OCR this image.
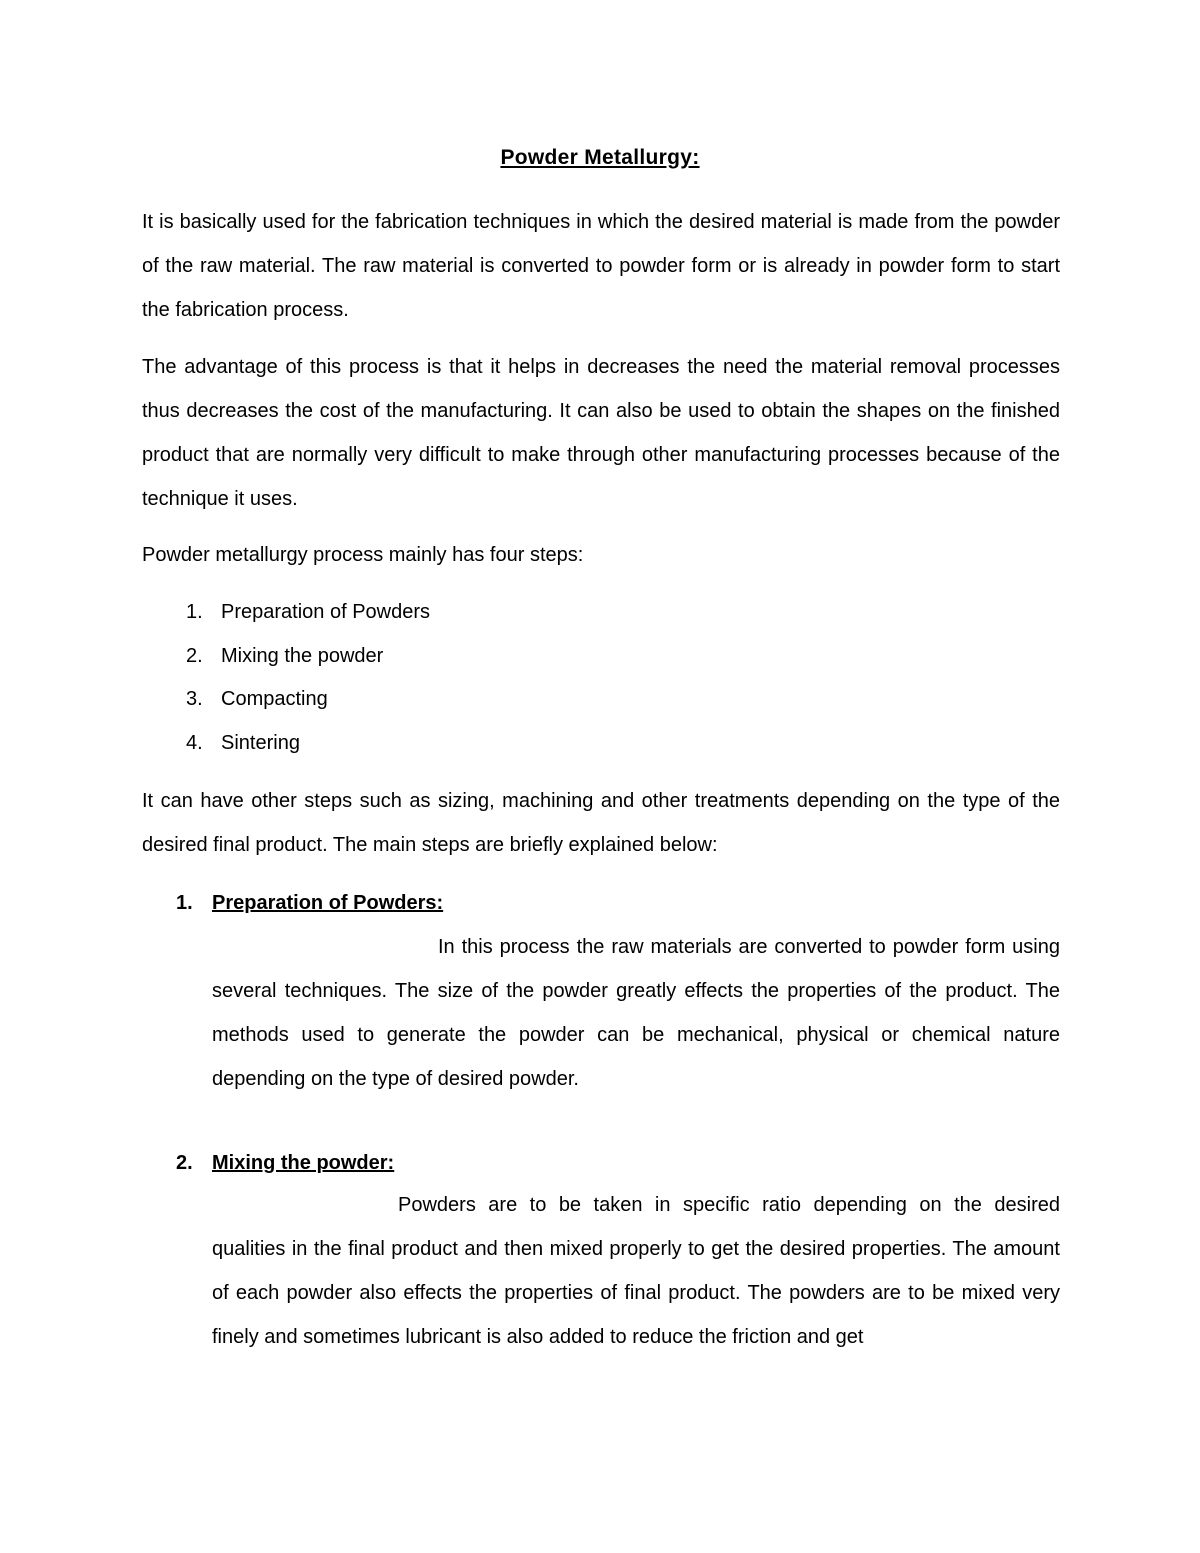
Powder Metallurgy:
It is basically used for the fabrication techniques in which the desired material is made from the powder of the raw material. The raw material is converted to powder form or is already in powder form to start the fabrication process.
The advantage of this process is that it helps in decreases the need the material removal processes thus decreases the cost of the manufacturing. It can also be used to obtain the shapes on the finished product that are normally very difficult to make through other manufacturing processes because of the technique it uses.
Powder metallurgy process mainly has four steps:
1. Preparation of Powders
2. Mixing the powder
3. Compacting
4. Sintering
It can have other steps such as sizing, machining and other treatments depending on the type of the desired final product. The main steps are briefly explained below:
1. Preparation of Powders:
In this process the raw materials are converted to powder form using several techniques. The size of the powder greatly effects the properties of the product. The methods used to generate the powder can be mechanical, physical or chemical nature depending on the type of desired powder.
2. Mixing the powder:
Powders are to be taken in specific ratio depending on the desired qualities in the final product and then mixed properly to get the desired properties. The amount of each powder also effects the properties of final product. The powders are to be mixed very finely and sometimes lubricant is also added to reduce the friction and get
